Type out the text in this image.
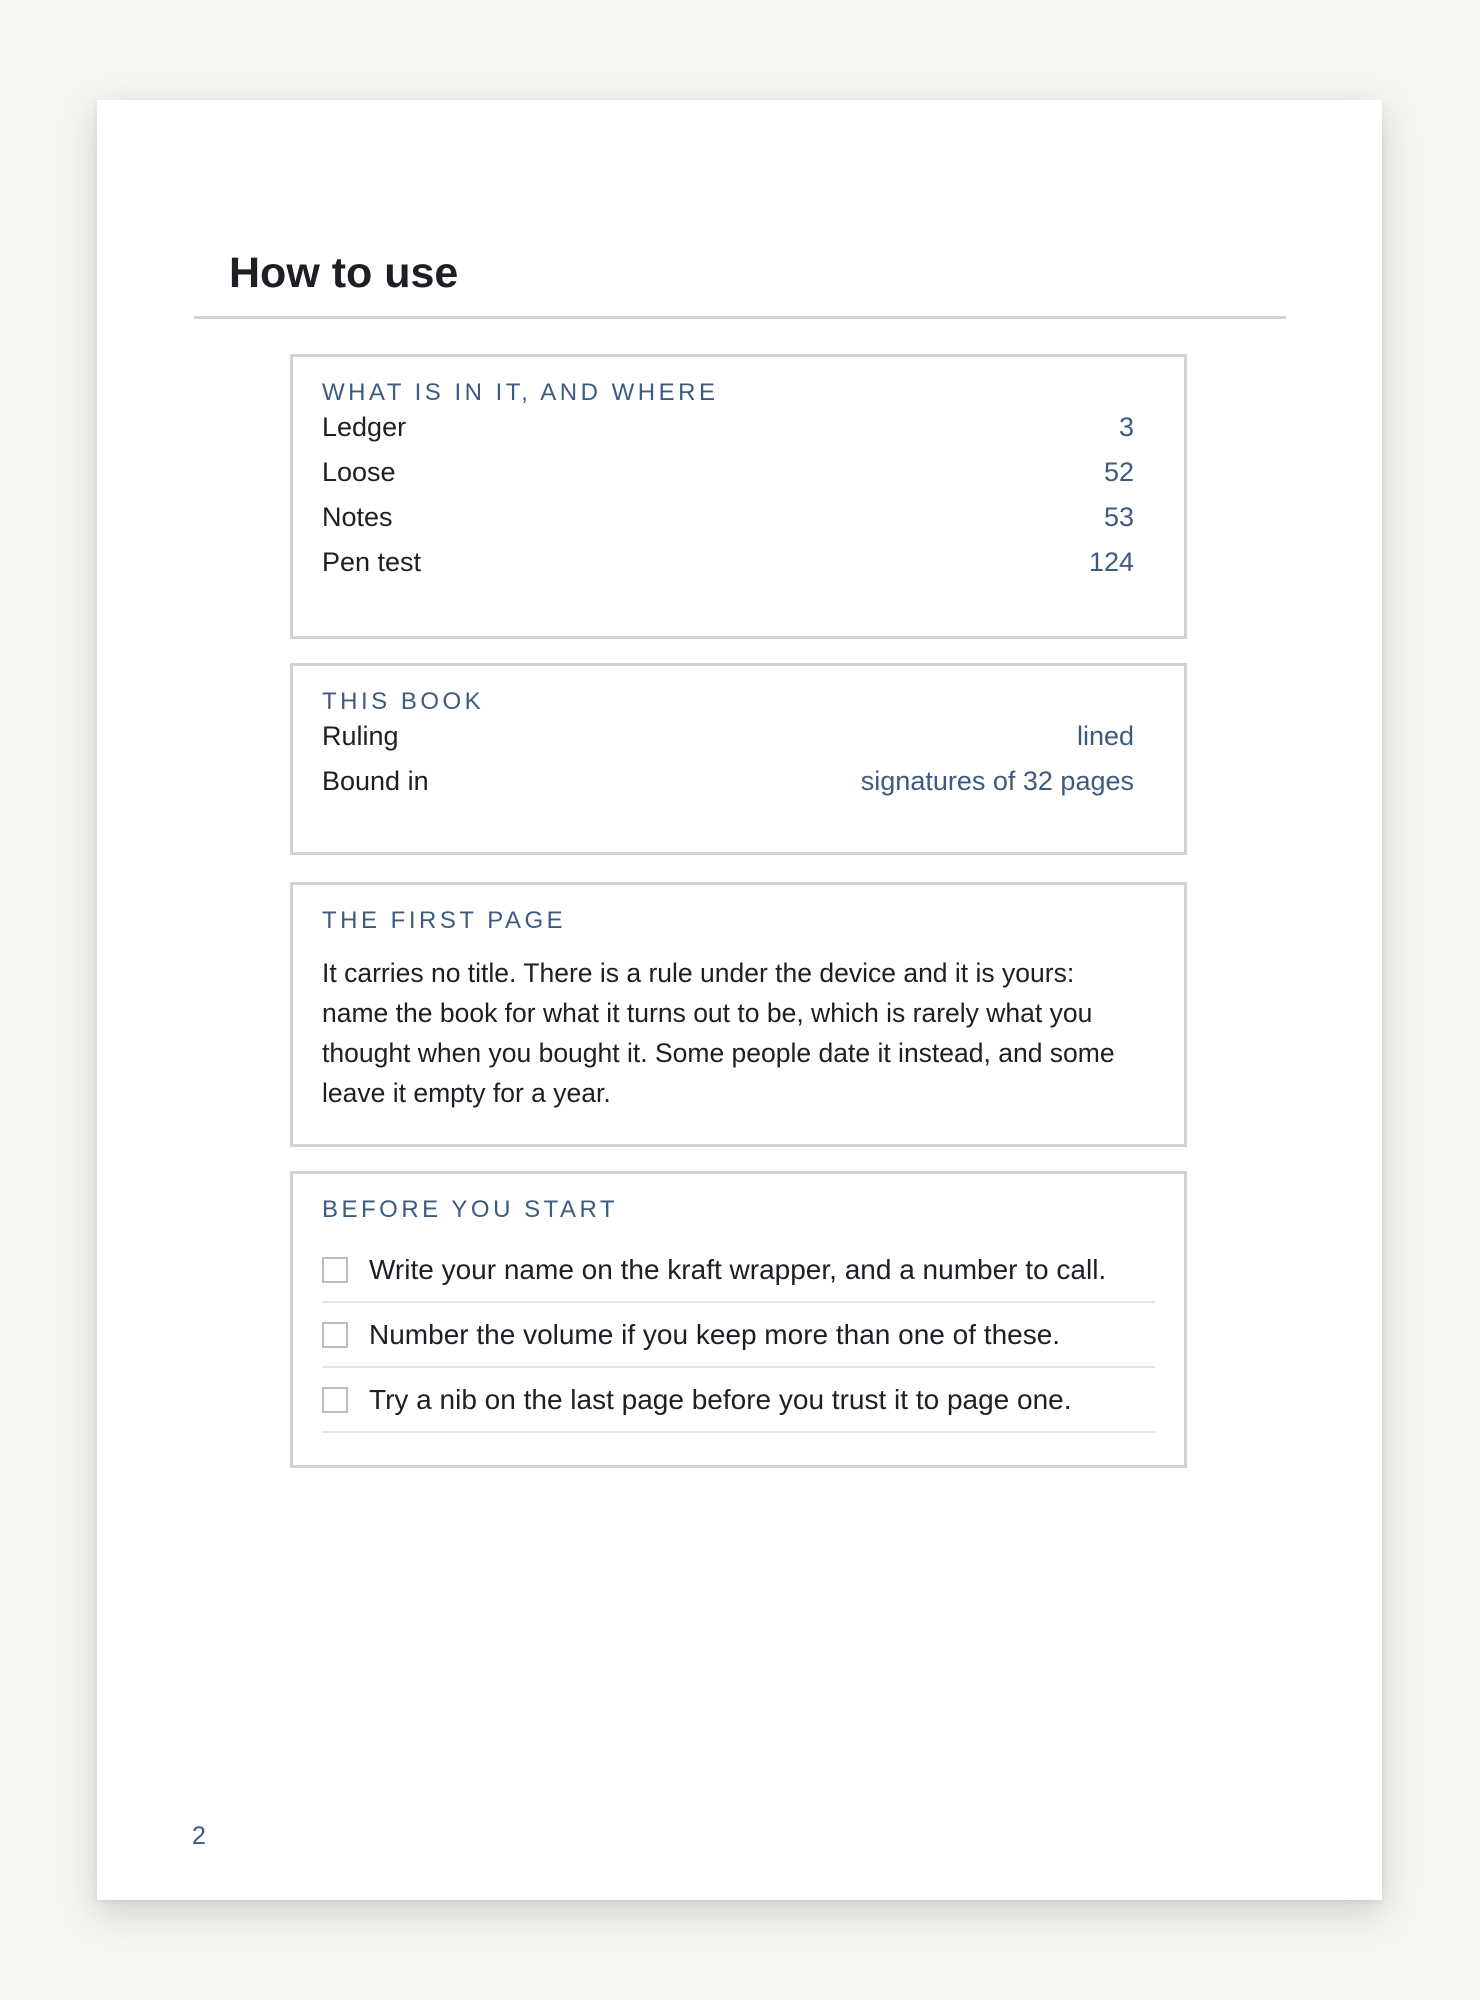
How to use
WHAT IS IN IT, AND WHERE
Ledger	3
Loose	52
Notes	53
Pen test	124
THIS BOOK
Ruling	lined
Bound in	signatures of 32 pages
THE FIRST PAGE
It carries no title. There is a rule under the device and it is yours: name the book for what it turns out to be, which is rarely what you thought when you bought it. Some people date it instead, and some leave it empty for a year.
BEFORE YOU START
Write your name on the kraft wrapper, and a number to call.
Number the volume if you keep more than one of these.
Try a nib on the last page before you trust it to page one.
2
